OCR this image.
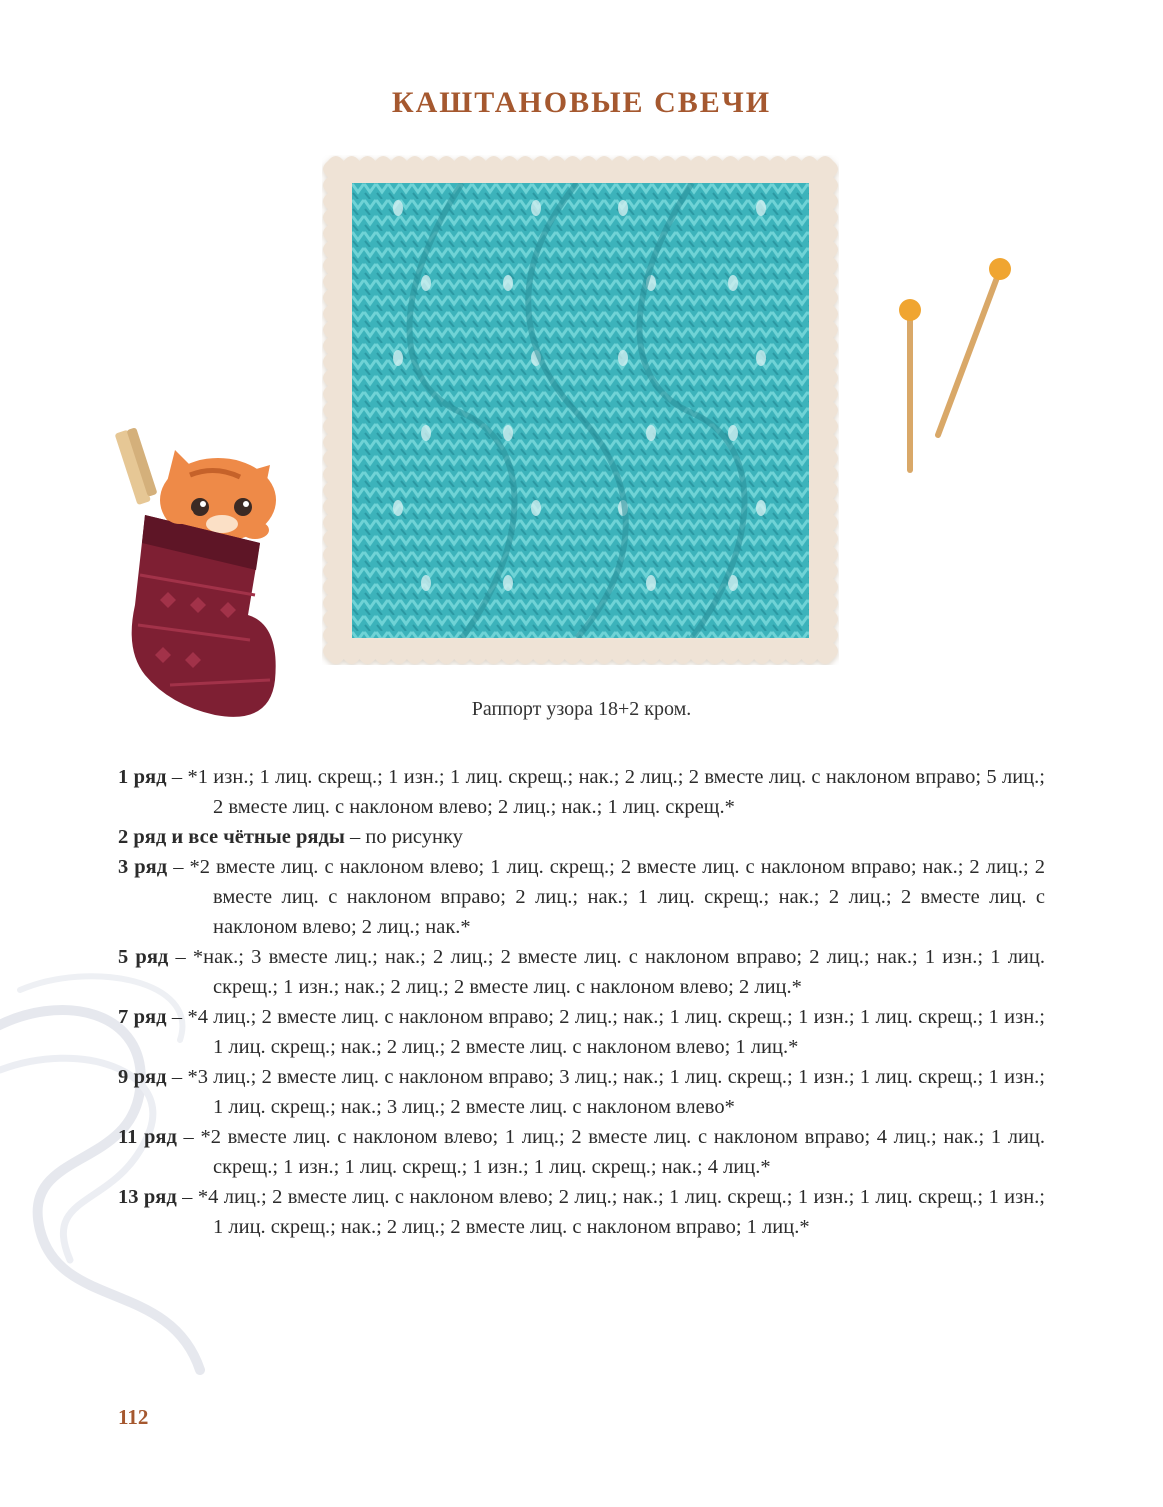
КАШТАНОВЫЕ СВЕЧИ
Раппорт узора 18+2 кром.
1 ряд – *1 изн.; 1 лиц. скрещ.; 1 изн.; 1 лиц. скрещ.; нак.; 2 лиц.; 2 вместе лиц. с наклоном вправо; 5 лиц.; 2 вместе лиц. с наклоном влево; 2 лиц.; нак.; 1 лиц. скрещ.*
2 ряд и все чётные ряды – по рисунку
3 ряд – *2 вместе лиц. с наклоном влево; 1 лиц. скрещ.; 2 вместе лиц. с наклоном вправо; нак.; 2 лиц.; 2 вместе лиц. с наклоном вправо; 2 лиц.; нак.; 1 лиц. скрещ.; нак.; 2 лиц.; 2 вместе лиц. с наклоном влево; 2 лиц.; нак.*
5 ряд – *нак.; 3 вместе лиц.; нак.; 2 лиц.; 2 вместе лиц. с наклоном вправо; 2 лиц.; нак.; 1 изн.; 1 лиц. скрещ.; 1 изн.; нак.; 2 лиц.; 2 вместе лиц. с наклоном влево; 2 лиц.*
7 ряд – *4 лиц.; 2 вместе лиц. с наклоном вправо; 2 лиц.; нак.; 1 лиц. скрещ.; 1 изн.; 1 лиц. скрещ.; 1 изн.; 1 лиц. скрещ.; нак.; 2 лиц.; 2 вместе лиц. с наклоном влево; 1 лиц.*
9 ряд – *3 лиц.; 2 вместе лиц. с наклоном вправо; 3 лиц.; нак.; 1 лиц. скрещ.; 1 изн.; 1 лиц. скрещ.; 1 изн.; 1 лиц. скрещ.; нак.; 3 лиц.; 2 вместе лиц. с наклоном влево*
11 ряд – *2 вместе лиц. с наклоном влево; 1 лиц.; 2 вместе лиц. с наклоном вправо; 4 лиц.; нак.; 1 лиц. скрещ.; 1 изн.; 1 лиц. скрещ.; 1 изн.; 1 лиц. скрещ.; нак.; 4 лиц.*
13 ряд – *4 лиц.; 2 вместе лиц. с наклоном влево; 2 лиц.; нак.; 1 лиц. скрещ.; 1 изн.; 1 лиц. скрещ.; 1 изн.; 1 лиц. скрещ.; нак.; 2 лиц.; 2 вместе лиц. с наклоном вправо; 1 лиц.*
112
